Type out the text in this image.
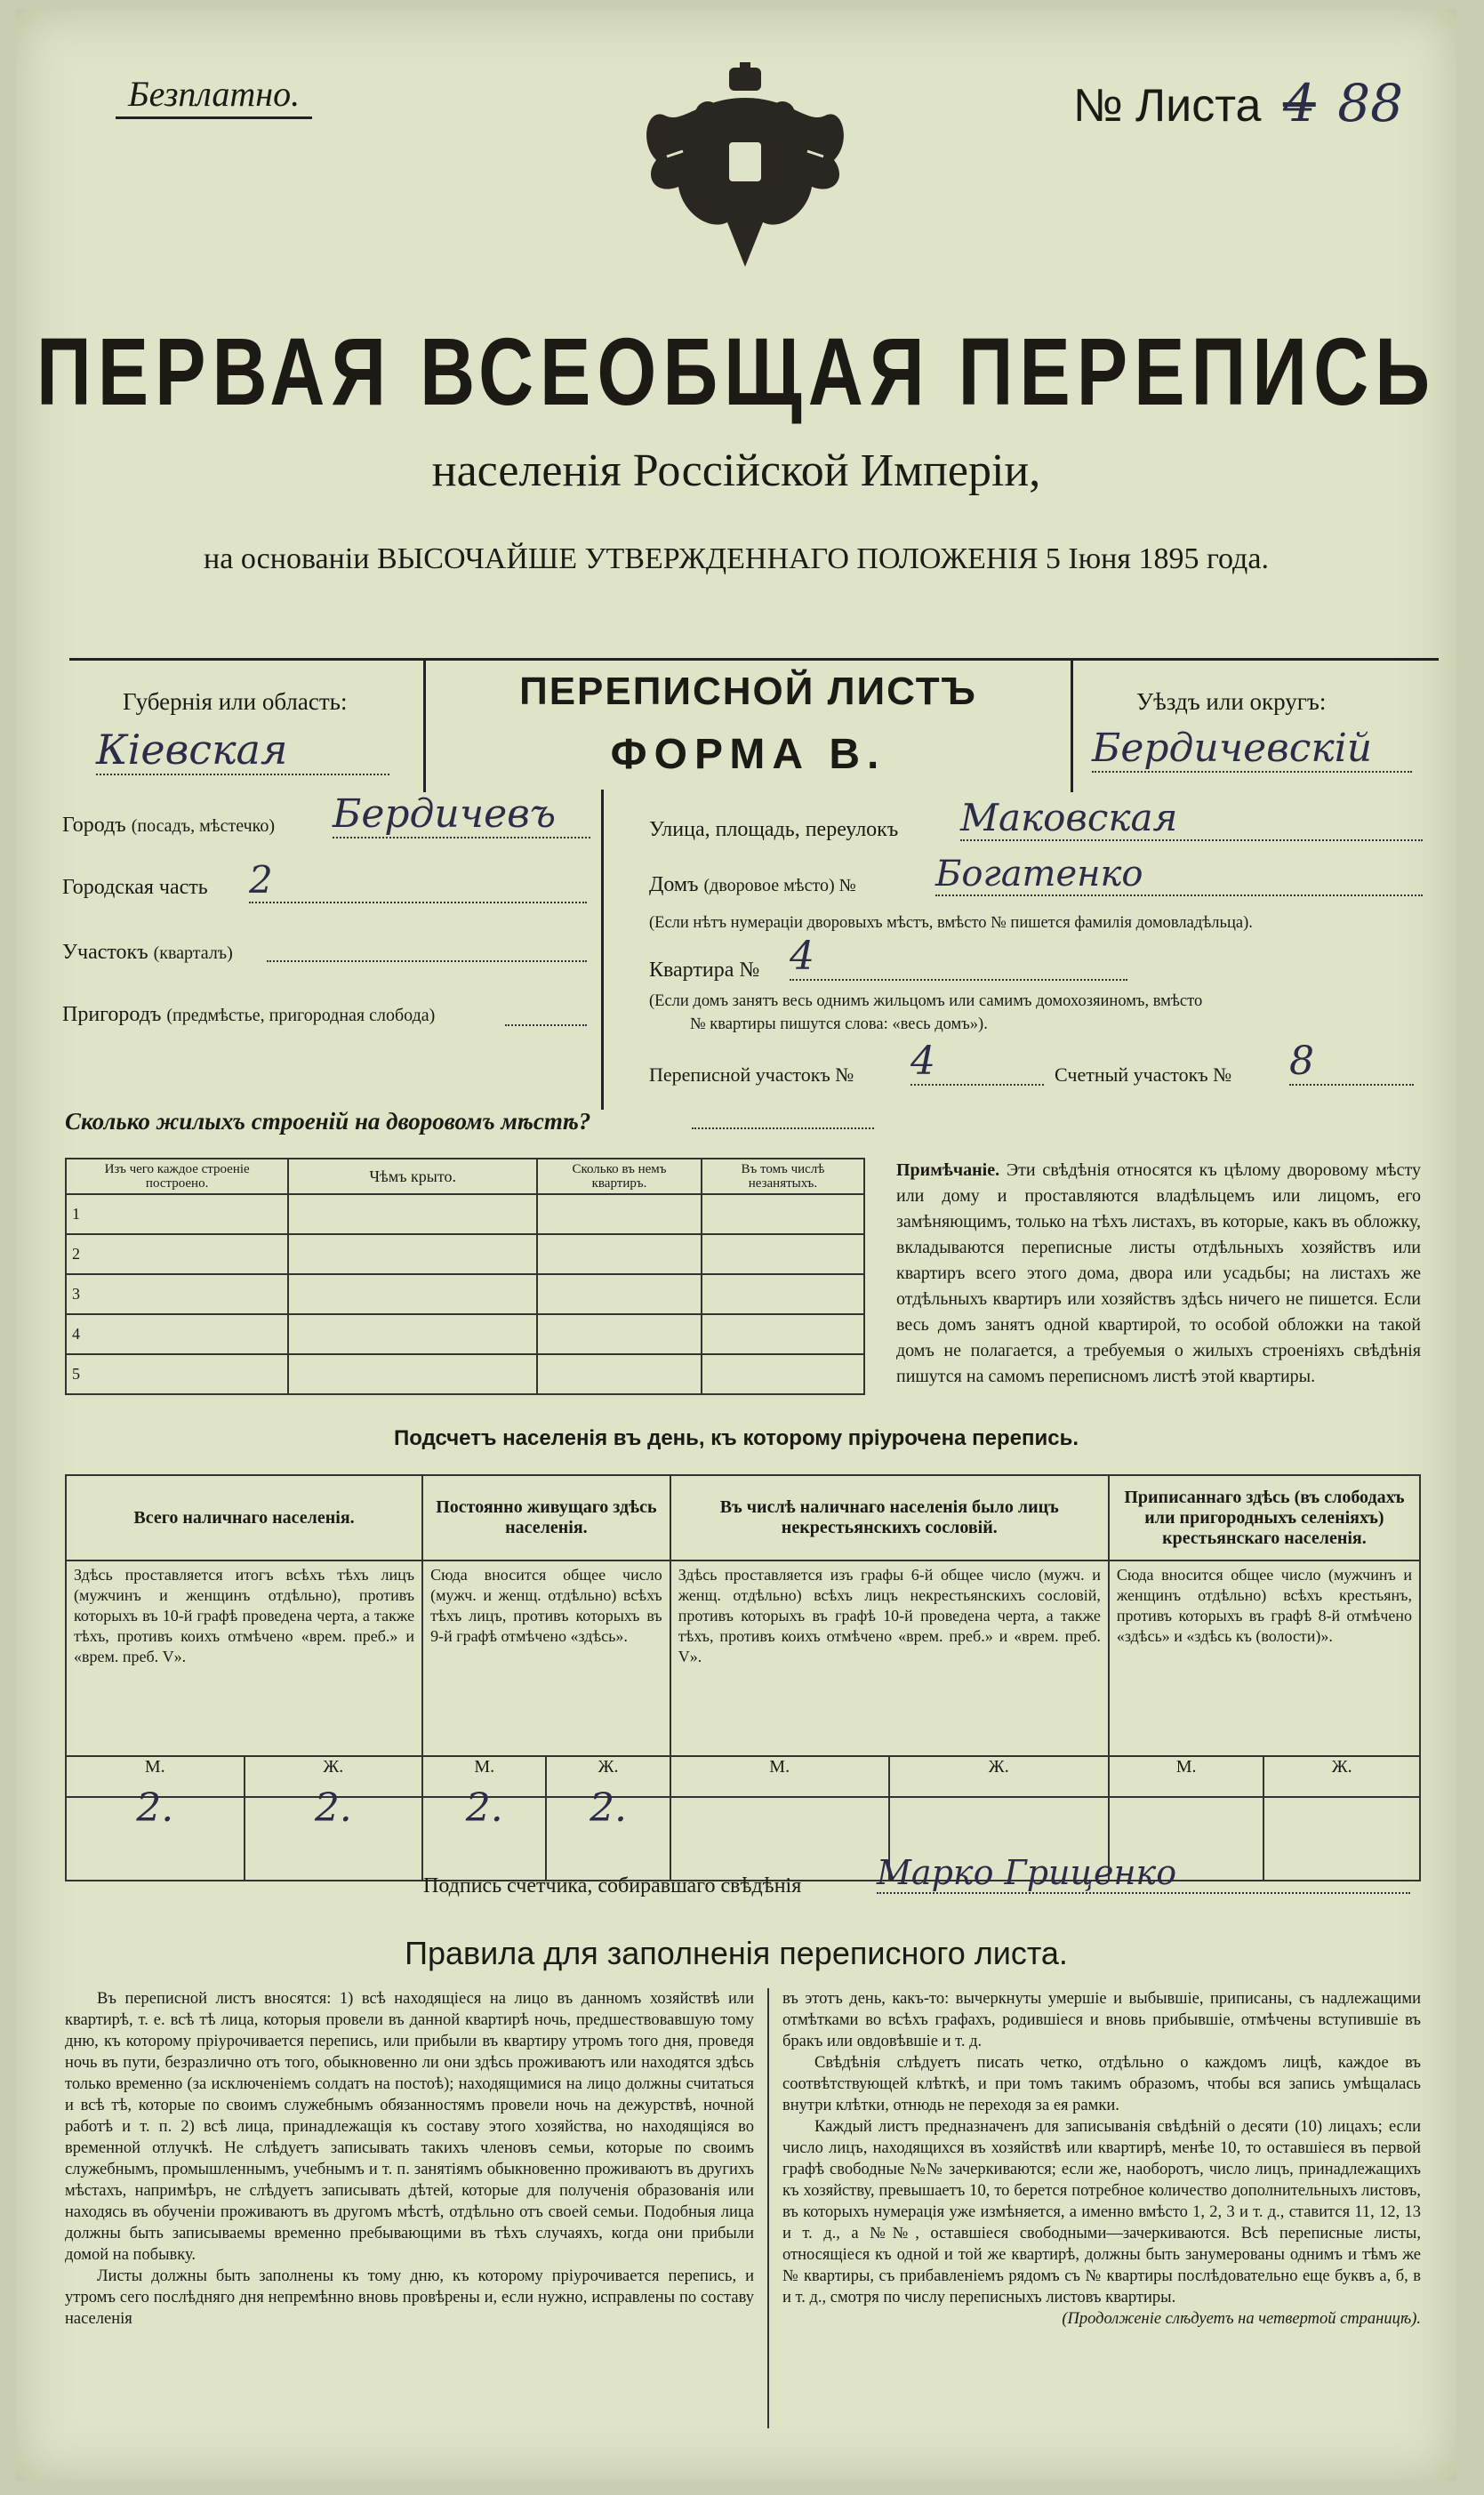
Безплатно.	№ Листа 4 88
ПЕРВАЯ ВСЕОБЩАЯ ПЕРЕПИСЬ
населенія Россійской Имперіи,
на основаніи ВЫСОЧАЙШЕ УТВЕРЖДЕННАГО ПОЛОЖЕНІЯ 5 Іюня 1895 года.
Губернія или область:
Кіевская
ПЕРЕПИСНОЙ ЛИСТЪ
ФОРМА В.
Уѣздъ или округъ:
Бердичевскій
Городъ (посадъ, мѣстечко) Бердичевъ
Городская часть 2
Участокъ (кварталъ)
Пригородъ (предмѣстье, пригородная слобода)
Улица, площадь, переулокъ Маковская
Домъ (дворовое мѣсто) № Богатенко
(Если нѣтъ нумераціи дворовыхъ мѣстъ, вмѣсто № пишется фамилія домовладѣльца).
Квартира № 4
(Если домъ занятъ весь однимъ жильцомъ или самимъ домохозяиномъ, вмѣсто
№ квартиры пишутся слова: «весь домъ»).
Переписной участокъ № 4	Счетный участокъ № 8
Сколько жилыхъ строеній на дворовомъ мѣстѣ?
Изъ чего каждое строеніе построено.	Чѣмъ крыто.	Сколько въ немъ квартиръ.	Въ томъ числѣ незанятыхъ.
1			
2			
3			
4			
5			
Примѣчаніе. Эти свѣдѣнія относятся къ цѣлому дворовому мѣсту или дому и проставляются владѣльцемъ или лицомъ, его замѣняющимъ, только на тѣхъ листахъ, въ которые, какъ въ обложку, вкладываются переписные листы отдѣльныхъ хозяйствъ или квартиръ всего этого дома, двора или усадьбы; на листахъ же отдѣльныхъ квартиръ или хозяйствъ здѣсь ничего не пишется. Если весь домъ занятъ одной квартирой, то особой обложки на такой домъ не полагается, а требуемыя о жилыхъ строеніяхъ свѣдѣнія пишутся на самомъ переписномъ листѣ этой квартиры.
Подсчетъ населенія въ день, къ которому пріурочена перепись.
Всего наличнаго населенія.		Постоянно живущаго здѣсь населенія.		Въ числѣ наличнаго населенія было лицъ некрестьянскихъ сословій.		Приписаннаго здѣсь (въ слободахъ или пригородныхъ селеніяхъ) крестьянскаго населенія.	
Здѣсь проставляется итогъ всѣхъ тѣхъ лицъ (мужчинъ и женщинъ отдѣльно), противъ которыхъ въ 10-й графѣ проведена черта, а также тѣхъ, противъ коихъ отмѣчено «врем. преб.» и «врем. преб. V».		Сюда вносится общее число (мужч. и женщ. отдѣльно) всѣхъ тѣхъ лицъ, противъ которыхъ въ 9-й графѣ отмѣчено «здѣсь».		Здѣсь проставляется изъ графы 6-й общее число (мужч. и женщ. отдѣльно) всѣхъ лицъ некрестьянскихъ сословій, противъ которыхъ въ графѣ 10-й проведена черта, а также тѣхъ, противъ коихъ отмѣчено «врем. преб.» и «врем. преб. V».		Сюда вносится общее число (мужчинъ и женщинъ отдѣльно) всѣхъ крестьянъ, противъ которыхъ въ графѣ 8-й отмѣчено «здѣсь» и «здѣсь къ (волости)».	
М.	Ж.	М.	Ж.	М.	Ж.	М.	Ж.
2.	2.	2.	2.				
Подпись счетчика, собиравшаго свѣдѣнія Марко Гриценко
Правила для заполненія переписного листа.

Въ переписной листъ вносятся: 1) всѣ находящіеся на лицо въ данномъ хозяйствѣ или квартирѣ, т. е. всѣ тѣ лица, которыя провели въ данной квартирѣ ночь, предшествовавшую тому дню, къ которому пріурочивается перепись, или прибыли въ квартиру утромъ того дня, проведя ночь въ пути, безразлично отъ того, обыкновенно ли они здѣсь проживаютъ или находятся здѣсь только временно (за исключеніемъ солдатъ на постоѣ); находящимися на лицо должны считаться и всѣ тѣ, которые по своимъ служебнымъ обязанностямъ провели ночь на дежурствѣ, ночной работѣ и т. п. 2) всѣ лица, принадлежащія къ составу этого хозяйства, но находящіяся во временной отлучкѣ. Не слѣдуетъ записывать такихъ членовъ семьи, которые по своимъ служебнымъ, промышленнымъ, учебнымъ и т. п. занятіямъ обыкновенно проживаютъ въ другихъ мѣстахъ, напримѣръ, не слѣдуетъ записывать дѣтей, которые для полученія образованія или находясь въ обученіи проживаютъ въ другомъ мѣстѣ, отдѣльно отъ своей семьи. Подобныя лица должны быть записываемы временно пребывающими въ тѣхъ случаяхъ, когда они прибыли домой на побывку.

Листы должны быть заполнены къ тому дню, къ которому пріурочивается перепись, и утромъ сего послѣдняго дня непремѣнно вновь провѣрены и, если нужно, исправлены по составу населенія

въ этотъ день, какъ-то: вычеркнуты умершіе и выбывшіе, приписаны, съ надлежащими отмѣтками во всѣхъ графахъ, родившіеся и вновь прибывшіе, отмѣчены вступившіе въ бракъ или овдовѣвшіе и т. д.

Свѣдѣнія слѣдуетъ писать четко, отдѣльно о каждомъ лицѣ, каждое въ соотвѣтствующей клѣткѣ, и при томъ такимъ образомъ, чтобы вся запись умѣщалась внутри клѣтки, отнюдь не переходя за ея рамки.

Каждый листъ предназначенъ для записыванія свѣдѣній о десяти (10) лицахъ; если число лицъ, находящихся въ хозяйствѣ или квартирѣ, менѣе 10, то оставшіеся въ первой графѣ свободные №№ зачеркиваются; если же, наоборотъ, число лицъ, принадлежащихъ къ хозяйству, превышаетъ 10, то берется потребное количество дополнительныхъ листовъ, въ которыхъ нумерація уже измѣняется, а именно вмѣсто 1, 2, 3 и т. д., ставится 11, 12, 13 и т. д., а №№, оставшіеся свободными—зачеркиваются. Всѣ переписные листы, относящіеся къ одной и той же квартирѣ, должны быть занумерованы однимъ и тѣмъ же № квартиры, съ прибавленіемъ рядомъ съ № квартиры послѣдовательно еще буквъ а, б, в и т. д., смотря по числу переписныхъ листовъ квартиры.

(Продолженіе слѣдуетъ на четвертой страницѣ).
